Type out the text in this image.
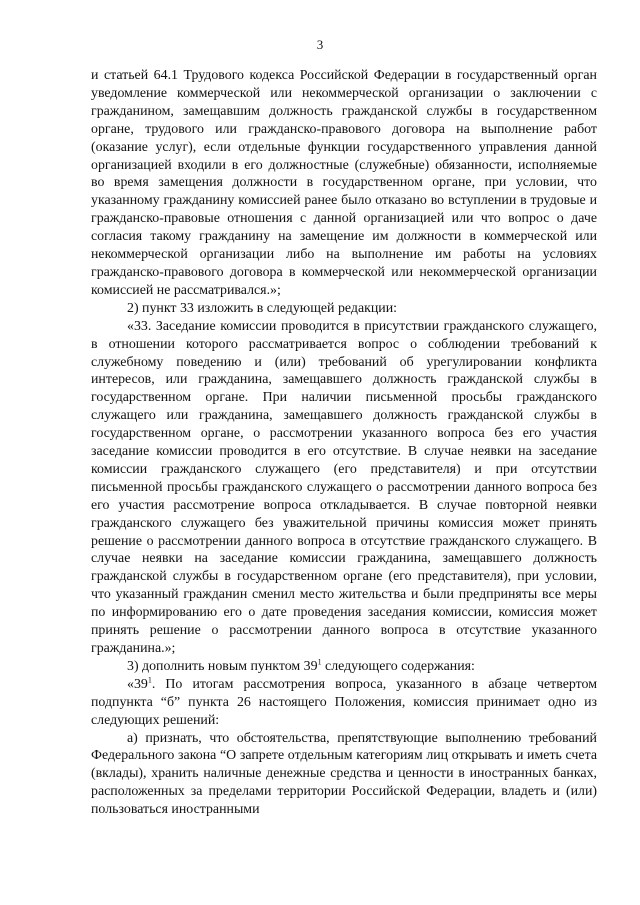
3

и статьей 64.1 Трудового кодекса Российской Федерации в государственный орган уведомление коммерческой или некоммерческой организации о заключении с гражданином, замещавшим должность гражданской службы в государственном органе, трудового или гражданско-правового договора на выполнение работ (оказание услуг), если отдельные функции государственного управления данной организацией входили в его должностные (служебные) обязанности, исполняемые во время замещения должности в государственном органе, при условии, что указанному гражданину комиссией ранее было отказано во вступлении в трудовые и гражданско-правовые отношения с данной организацией или что вопрос о даче согласия такому гражданину на замещение им должности в коммерческой или некоммерческой организации либо на выполнение им работы на условиях гражданско-правового договора в коммерческой или некоммерческой организации комиссией не рассматривался.»;

2) пункт 33 изложить в следующей редакции:

«33. Заседание комиссии проводится в присутствии гражданского служащего, в отношении которого рассматривается вопрос о соблюдении требований к служебному поведению и (или) требований об урегулировании конфликта интересов, или гражданина, замещавшего должность гражданской службы в государственном органе. При наличии письменной просьбы гражданского служащего или гражданина, замещавшего должность гражданской службы в государственном органе, о рассмотрении указанного вопроса без его участия заседание комиссии проводится в его отсутствие. В случае неявки на заседание комиссии гражданского служащего (его представителя) и при отсутствии письменной просьбы гражданского служащего о рассмотрении данного вопроса без его участия рассмотрение вопроса откладывается. В случае повторной неявки гражданского служащего без уважительной причины комиссия может принять решение о рассмотрении данного вопроса в отсутствие гражданского служащего. В случае неявки на заседание комиссии гражданина, замещавшего должность гражданской службы в государственном органе (его представителя), при условии, что указанный гражданин сменил место жительства и были предприняты все меры по информированию его о дате проведения заседания комиссии, комиссия может принять решение о рассмотрении данного вопроса в отсутствие указанного гражданина.»;

3) дополнить новым пунктом $39^1$ следующего содержания:

«$39^1$. По итогам рассмотрения вопроса, указанного в абзаце четвертом подпункта “б” пункта 26 настоящего Положения, комиссия принимает одно из следующих решений:

а) признать, что обстоятельства, препятствующие выполнению требований Федерального закона “О запрете отдельным категориям лиц открывать и иметь счета (вклады), хранить наличные денежные средства и ценности в иностранных банках, расположенных за пределами территории Российской Федерации, владеть и (или) пользоваться иностранными
